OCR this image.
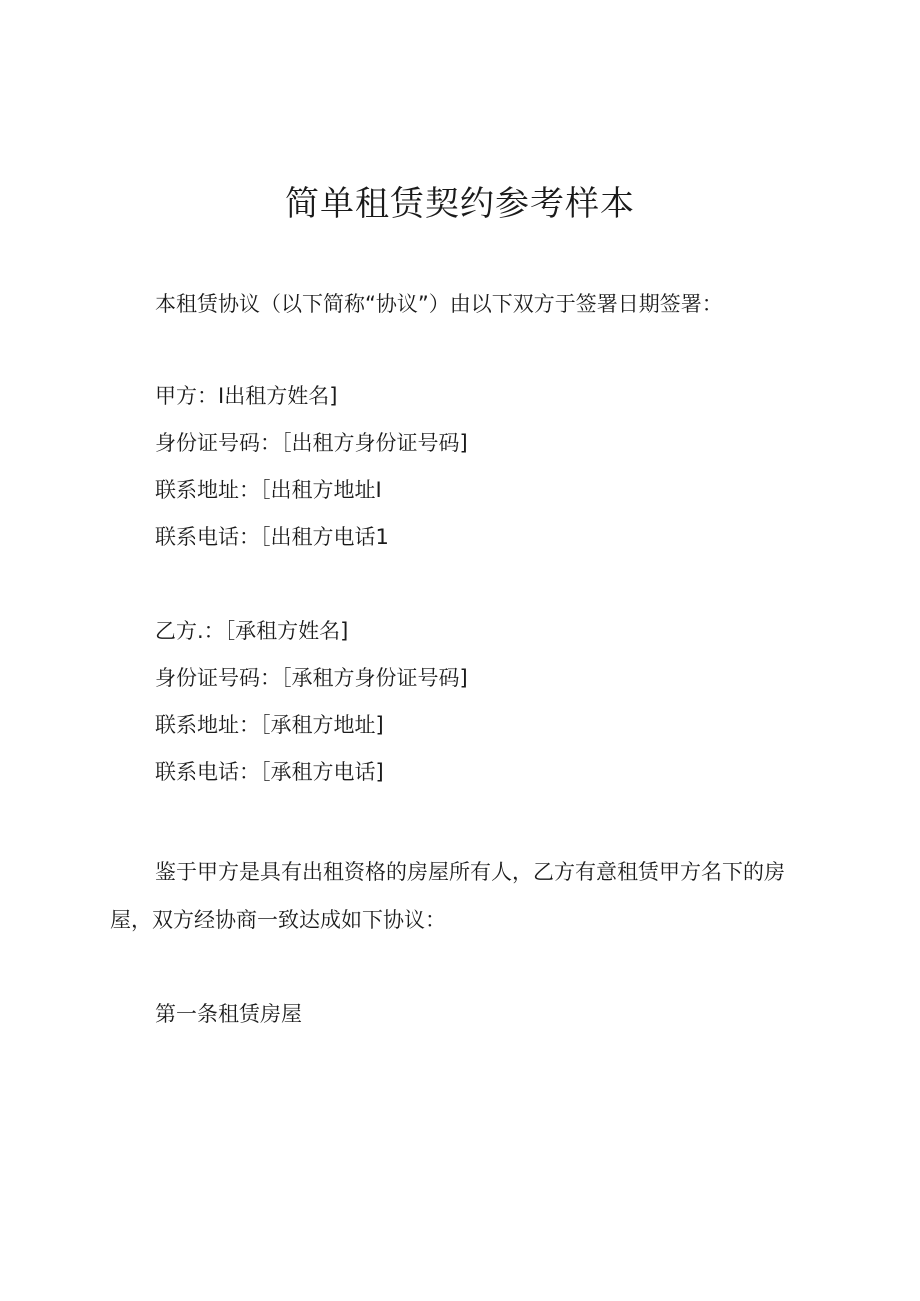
简单租赁契约参考样本

本租赁协议（以下简称“协议”）由以下双方于签署日期签署：

甲方：I出租方姓名]

身份证号码：［出租方身份证号码]

联系地址：［出租方地址I

联系电话：［出租方电话1

乙方.：［承租方姓名]

身份证号码：［承租方身份证号码]

联系地址：［承租方地址]

联系电话：［承租方电话]

鉴于甲方是具有出租资格的房屋所有人，乙方有意租赁甲方名下的房屋，双方经协商一致达成如下协议：

第一条租赁房屋
